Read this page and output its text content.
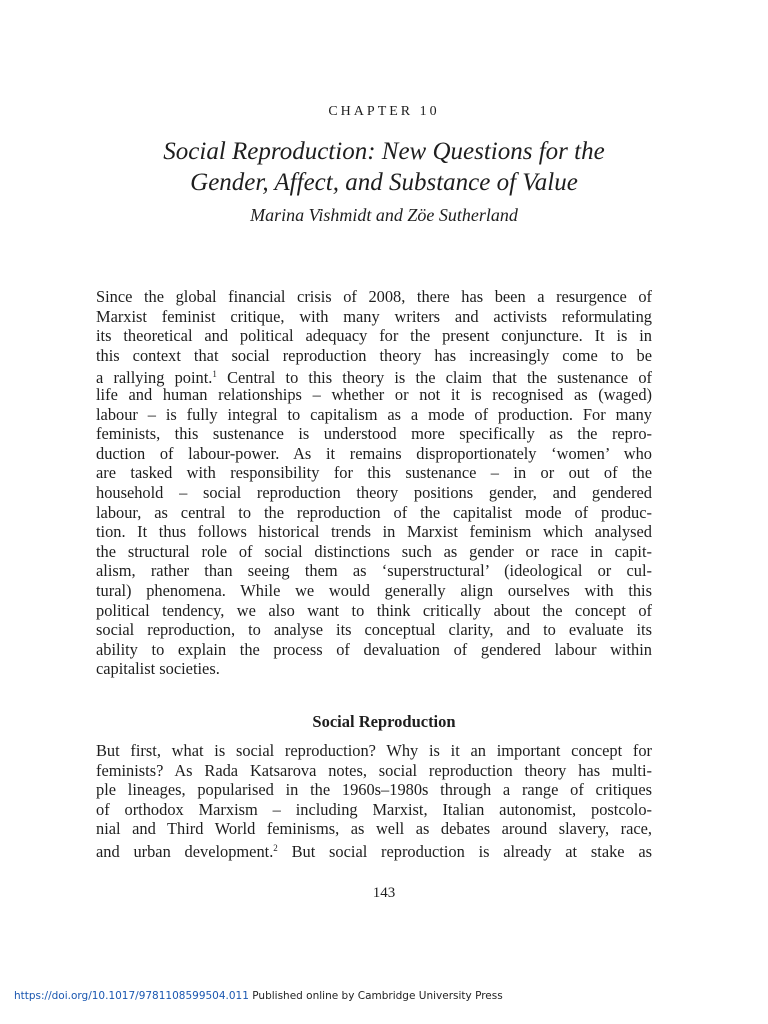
CHAPTER 10
Social Reproduction: New Questions for the
Gender, Affect, and Substance of Value
Marina Vishmidt and Zöe Sutherland
Since the global financial crisis of 2008, there has been a resurgence of
Marxist feminist critique, with many writers and activists reformulating
its theoretical and political adequacy for the present conjuncture. It is in
this context that social reproduction theory has increasingly come to be
a rallying point.$^1$ Central to this theory is the claim that the sustenance of
life and human relationships – whether or not it is recognised as (waged)
labour – is fully integral to capitalism as a mode of production. For many
feminists, this sustenance is understood more specifically as the repro-
duction of labour-power. As it remains disproportionately ‘women’ who
are tasked with responsibility for this sustenance – in or out of the
household – social reproduction theory positions gender, and gendered
labour, as central to the reproduction of the capitalist mode of produc-
tion. It thus follows historical trends in Marxist feminism which analysed
the structural role of social distinctions such as gender or race in capit-
alism, rather than seeing them as ‘superstructural’ (ideological or cul-
tural) phenomena. While we would generally align ourselves with this
political tendency, we also want to think critically about the concept of
social reproduction, to analyse its conceptual clarity, and to evaluate its
ability to explain the process of devaluation of gendered labour within
capitalist societies.
Social Reproduction
But first, what is social reproduction? Why is it an important concept for
feminists? As Rada Katsarova notes, social reproduction theory has multi-
ple lineages, popularised in the 1960s–1980s through a range of critiques
of orthodox Marxism – including Marxist, Italian autonomist, postcolo-
nial and Third World feminisms, as well as debates around slavery, race,
and urban development.$^2$ But social reproduction is already at stake as
143
https://doi.org/10.1017/9781108599504.011 Published online by Cambridge University Press
